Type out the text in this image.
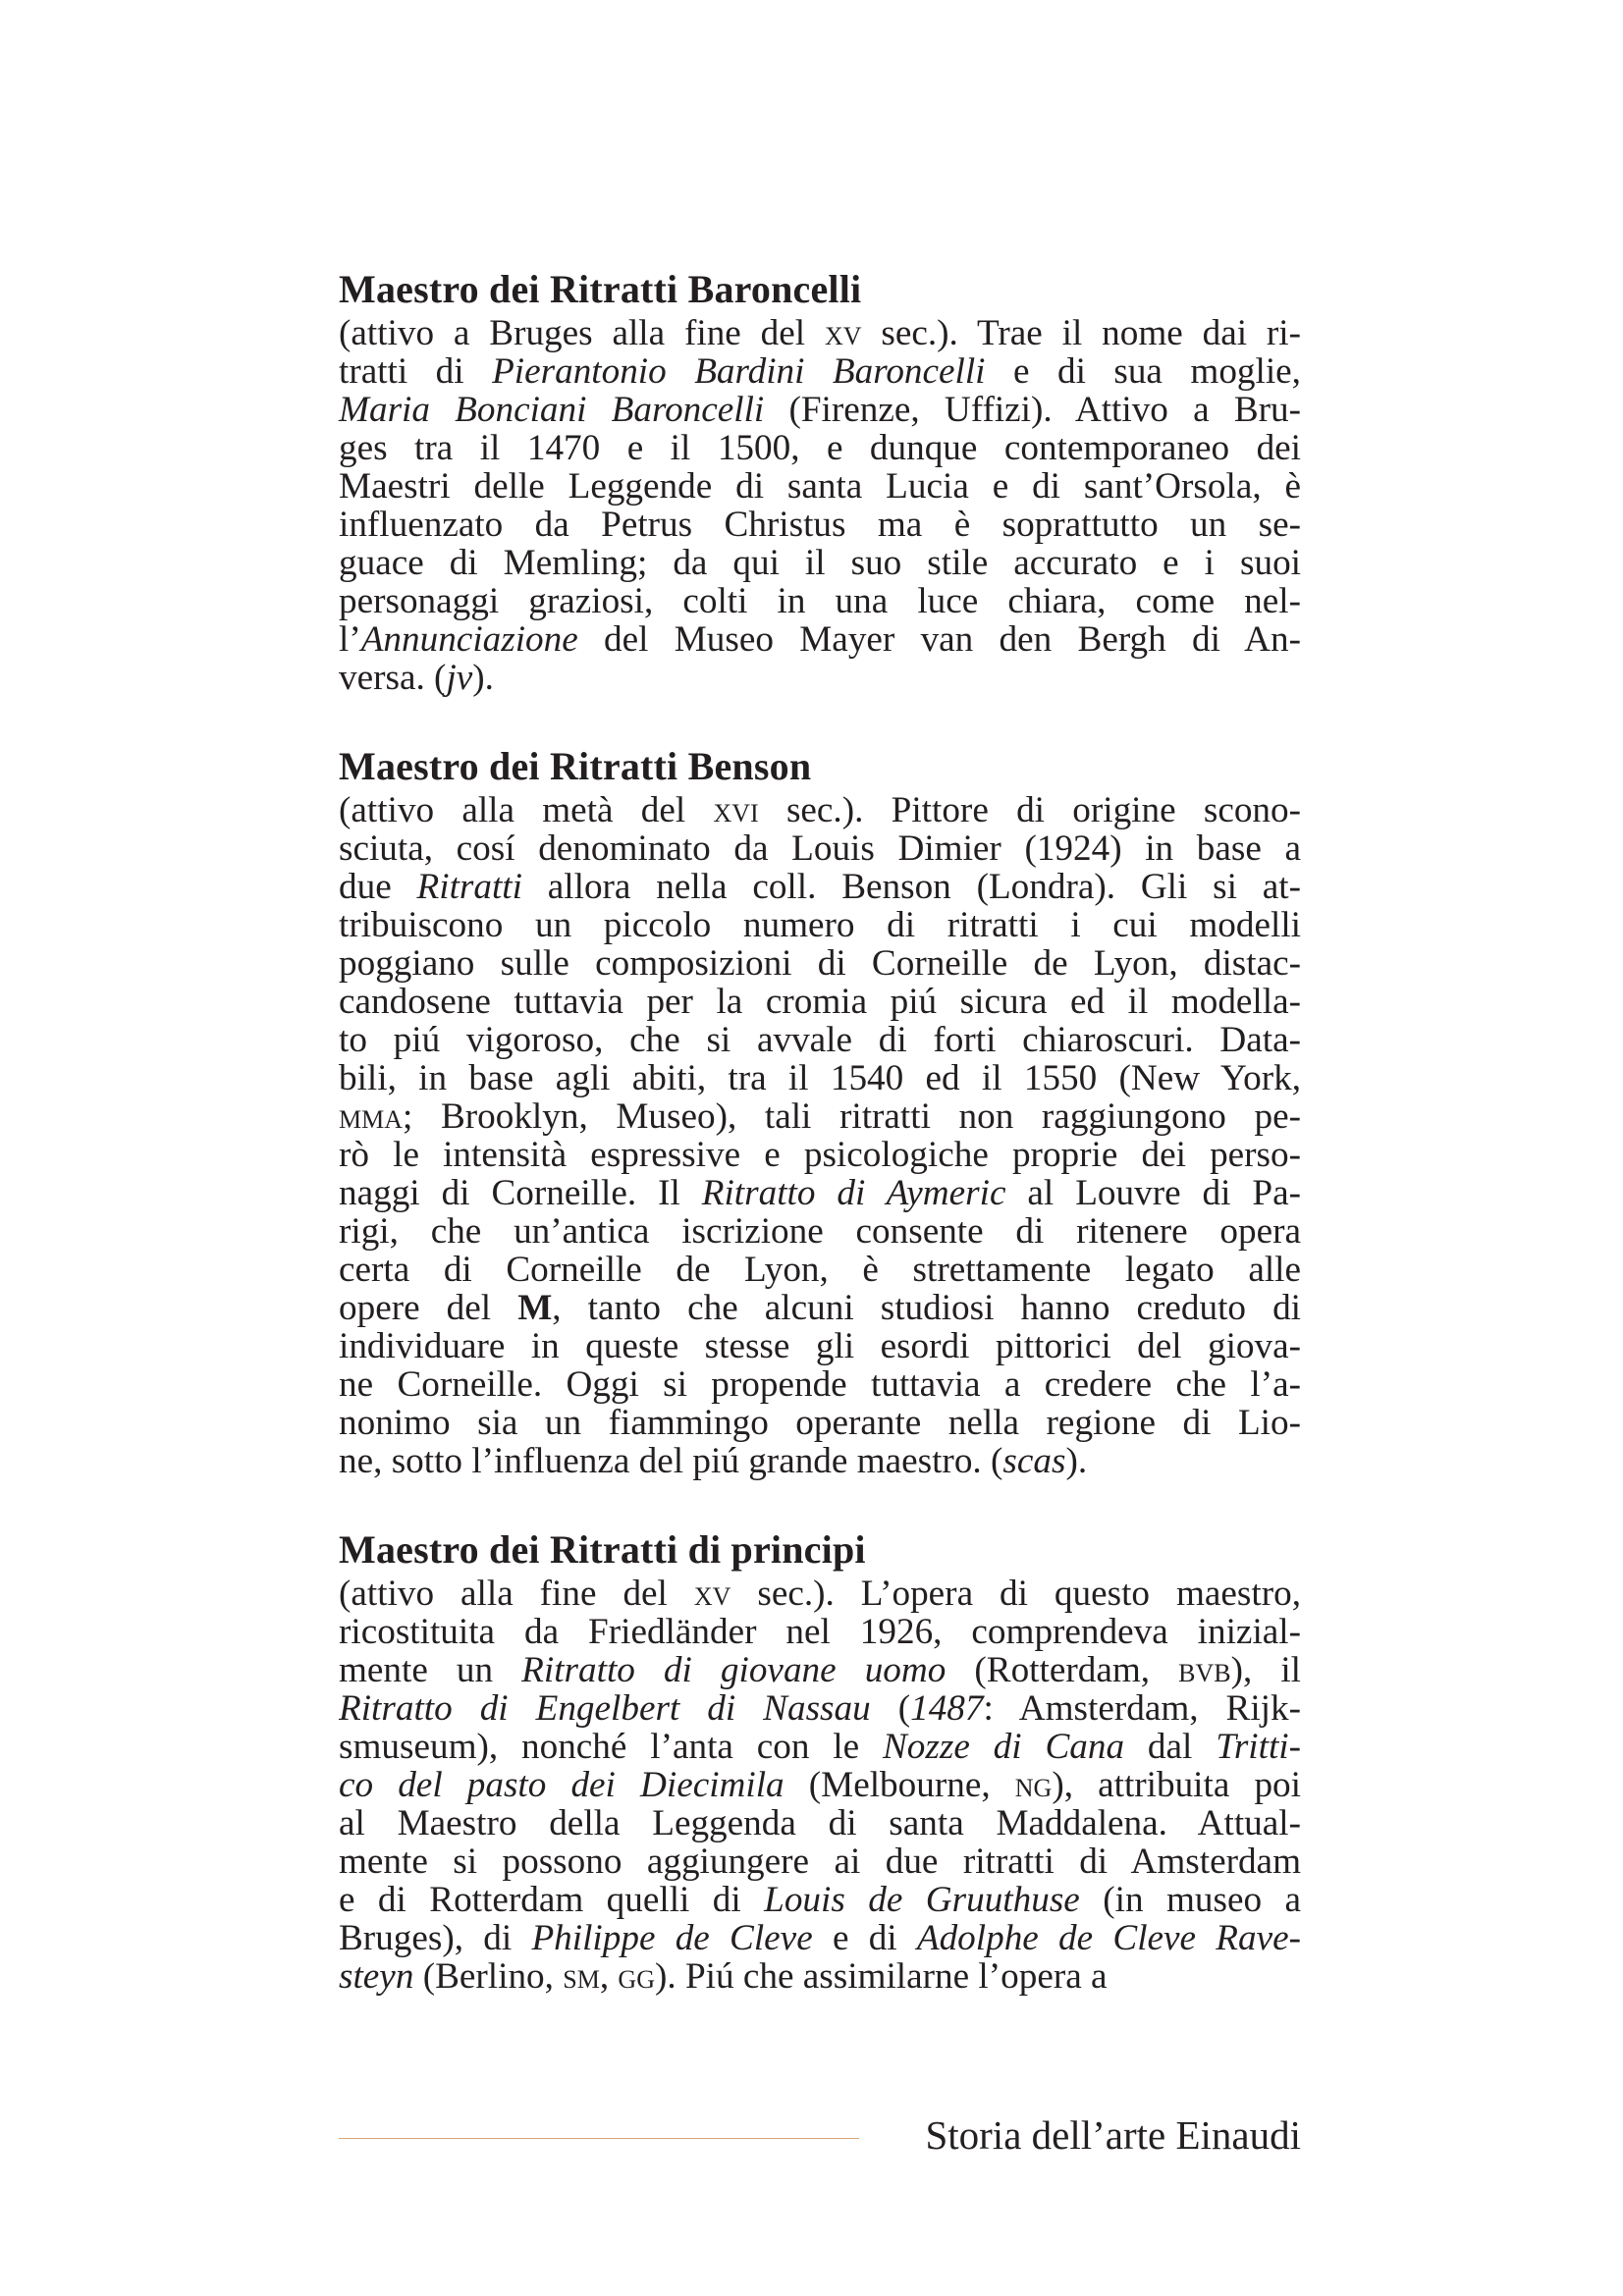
Maestro dei Ritratti Baroncelli
(attivo a Bruges alla fine del xv sec.). Trae il nome dai ri-
tratti di Pierantonio Bardini Baroncelli e di sua moglie,
Maria Bonciani Baroncelli (Firenze, Uffizi). Attivo a Bru-
ges tra il 1470 e il 1500, e dunque contemporaneo dei
Maestri delle Leggende di santa Lucia e di sant’Orsola, è
influenzato da Petrus Christus ma è soprattutto un se-
guace di Memling; da qui il suo stile accurato e i suoi
personaggi graziosi, colti in una luce chiara, come nel-
l’Annunciazione del Museo Mayer van den Bergh di An-
versa. (jv).
Maestro dei Ritratti Benson
(attivo alla metà del xvi sec.). Pittore di origine scono-
sciuta, cosí denominato da Louis Dimier (1924) in base a
due Ritratti allora nella coll. Benson (Londra). Gli si at-
tribuiscono un piccolo numero di ritratti i cui modelli
poggiano sulle composizioni di Corneille de Lyon, distac-
candosene tuttavia per la cromia piú sicura ed il modella-
to piú vigoroso, che si avvale di forti chiaroscuri. Data-
bili, in base agli abiti, tra il 1540 ed il 1550 (New York,
mma; Brooklyn, Museo), tali ritratti non raggiungono pe-
rò le intensità espressive e psicologiche proprie dei perso-
naggi di Corneille. Il Ritratto di Aymeric al Louvre di Pa-
rigi, che un’antica iscrizione consente di ritenere opera
certa di Corneille de Lyon, è strettamente legato alle
opere del M, tanto che alcuni studiosi hanno creduto di
individuare in queste stesse gli esordi pittorici del giova-
ne Corneille. Oggi si propende tuttavia a credere che l’a-
nonimo sia un fiammingo operante nella regione di Lio-
ne, sotto l’influenza del piú grande maestro. (scas).
Maestro dei Ritratti di principi
(attivo alla fine del xv sec.). L’opera di questo maestro,
ricostituita da Friedländer nel 1926, comprendeva inizial-
mente un Ritratto di giovane uomo (Rotterdam, bvb), il
Ritratto di Engelbert di Nassau (1487: Amsterdam, Rijk-
smuseum), nonché l’anta con le Nozze di Cana dal Tritti-
co del pasto dei Diecimila (Melbourne, ng), attribuita poi
al Maestro della Leggenda di santa Maddalena. Attual-
mente si possono aggiungere ai due ritratti di Amsterdam
e di Rotterdam quelli di Louis de Gruuthuse (in museo a
Bruges), di Philippe de Cleve e di Adolphe de Cleve Rave-
steyn (Berlino, sm, gg). Piú che assimilarne l’opera a
Storia dell’arte Einaudi
